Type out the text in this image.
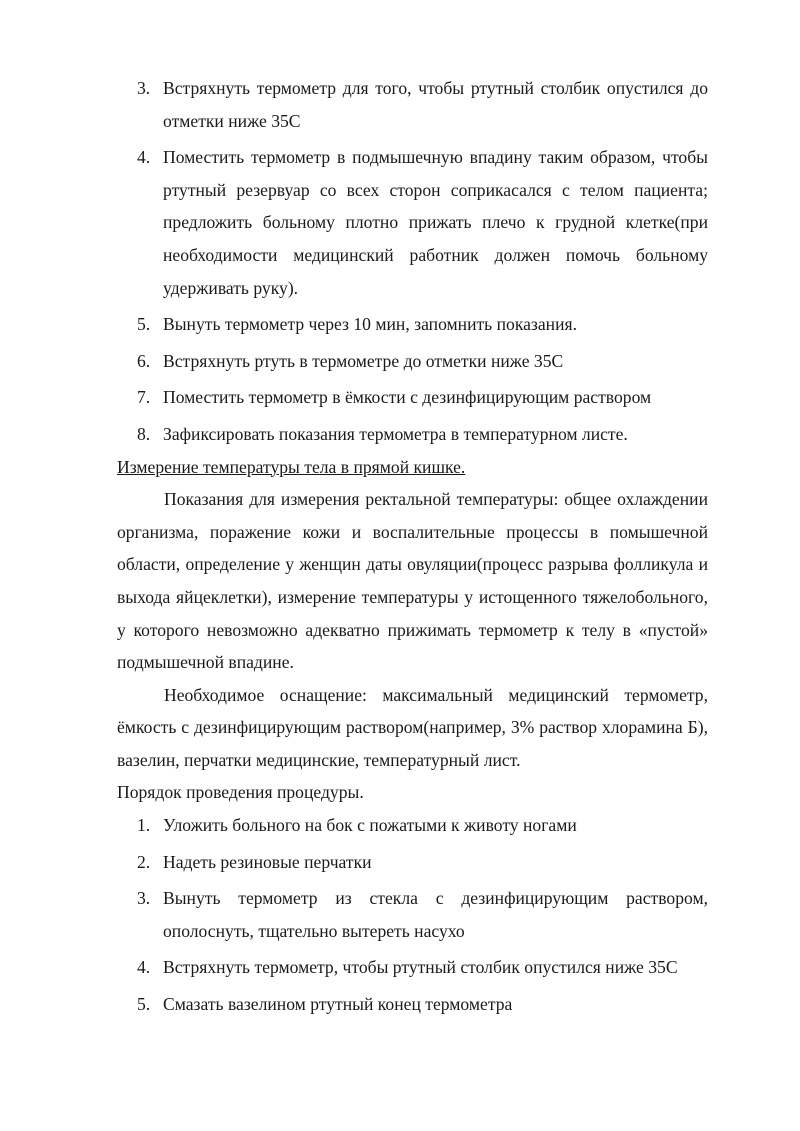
3. Встряхнуть термометр для того, чтобы ртутный столбик опустился до отметки ниже 35С
4. Поместить термометр в подмышечную впадину таким образом, чтобы ртутный резервуар со всех сторон соприкасался с телом пациента; предложить больному плотно прижать плечо к грудной клетке(при необходимости медицинский работник должен помочь больному удерживать руку).
5. Вынуть термометр через 10 мин, запомнить показания.
6. Встряхнуть ртуть в термометре до отметки ниже 35С
7. Поместить термометр в ёмкости с дезинфицирующим раствором
8. Зафиксировать показания термометра в температурном листе.

Измерение температуры тела в прямой кишке.

Показания для измерения ректальной температуры: общее охлаждении организма, поражение кожи и воспалительные процессы в помышечной области, определение у женщин даты овуляции(процесс разрыва фолликула и выхода яйцеклетки), измерение температуры у истощенного тяжелобольного, у которого невозможно адекватно прижимать термометр к телу в «пустой» подмышечной впадине.

Необходимое оснащение: максимальный медицинский термометр, ёмкость с дезинфицирующим раствором(например, 3% раствор хлорамина Б), вазелин, перчатки медицинские, температурный лист.

Порядок проведения процедуры.

1. Уложить больного на бок с пожатыми к животу ногами
2. Надеть резиновые перчатки
3. Вынуть термометр из стекла с дезинфицирующим раствором, ополоснуть, тщательно вытереть насухо
4. Встряхнуть термометр, чтобы ртутный столбик опустился ниже 35С
5. Смазать вазелином ртутный конец термометра
